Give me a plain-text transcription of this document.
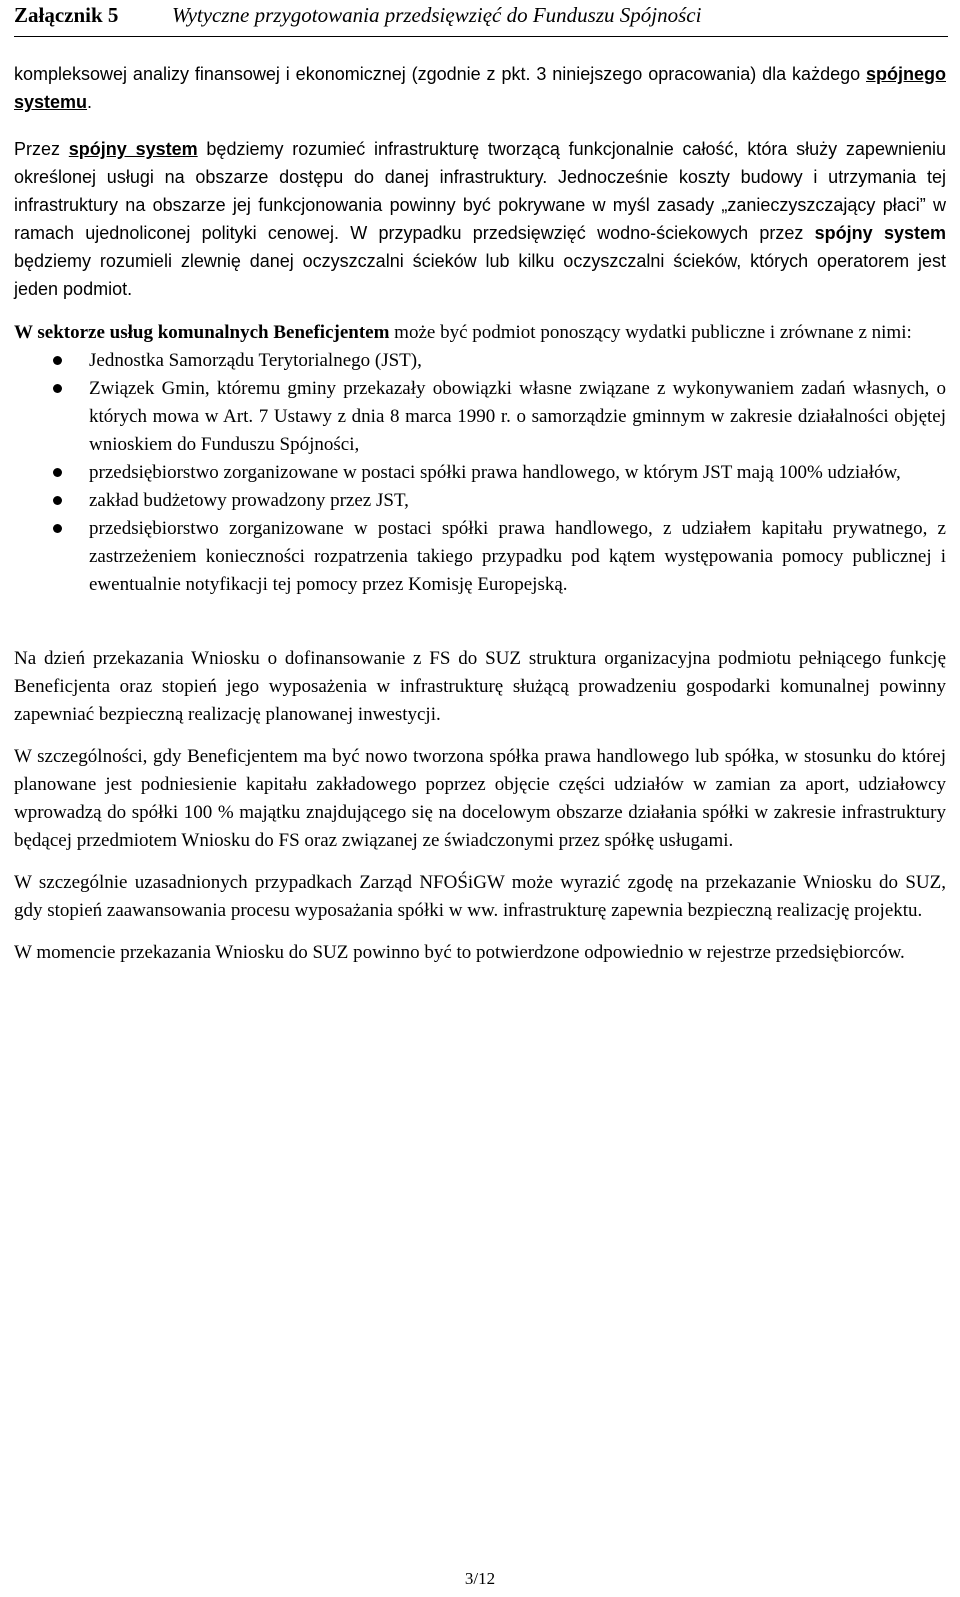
Załącznik 5	Wytyczne przygotowania przedsięwzięć do Funduszu Spójności

kompleksowej analizy finansowej i ekonomicznej (zgodnie z pkt. 3 niniejszego opracowania) dla każdego spójnego systemu.

Przez spójny system będziemy rozumieć infrastrukturę tworzącą funkcjonalnie całość, która służy zapewnieniu określonej usługi na obszarze dostępu do danej infrastruktury. Jednocześnie koszty budowy i utrzymania tej infrastruktury na obszarze jej funkcjonowania powinny być pokrywane w myśl zasady „zanieczyszczający płaci” w ramach ujednoliconej polityki cenowej. W przypadku przedsięwzięć wodno-ściekowych przez spójny system będziemy rozumieli zlewnię danej oczyszczalni ścieków lub kilku oczyszczalni ścieków, których operatorem jest jeden podmiot.

W sektorze usług komunalnych Beneficjentem może być podmiot ponoszący wydatki publiczne i zrównane z nimi:

Jednostka Samorządu Terytorialnego (JST),
Związek Gmin, któremu gminy przekazały obowiązki własne związane z wykonywaniem zadań własnych, o których mowa w Art. 7 Ustawy z dnia 8 marca 1990 r. o samorządzie gminnym w zakresie działalności objętej wnioskiem do Funduszu Spójności,
przedsiębiorstwo zorganizowane w postaci spółki prawa handlowego, w którym JST mają 100% udziałów,
zakład budżetowy prowadzony przez JST,
przedsiębiorstwo zorganizowane w postaci spółki prawa handlowego, z udziałem kapitału prywatnego, z zastrzeżeniem konieczności rozpatrzenia takiego przypadku pod kątem występowania pomocy publicznej i ewentualnie notyfikacji tej pomocy przez Komisję Europejską.

Na dzień przekazania Wniosku o dofinansowanie z FS do SUZ struktura organizacyjna podmiotu pełniącego funkcję Beneficjenta oraz stopień jego wyposażenia w infrastrukturę służącą prowadzeniu gospodarki komunalnej powinny zapewniać bezpieczną realizację planowanej inwestycji.

W szczególności, gdy Beneficjentem ma być nowo tworzona spółka prawa handlowego lub spółka, w stosunku do której planowane jest podniesienie kapitału zakładowego poprzez objęcie części udziałów w zamian za aport, udziałowcy wprowadzą do spółki 100 % majątku znajdującego się na docelowym obszarze działania spółki w zakresie infrastruktury będącej przedmiotem Wniosku do FS oraz związanej ze świadczonymi przez spółkę usługami.

W szczególnie uzasadnionych przypadkach Zarząd NFOŚiGW może wyrazić zgodę na przekazanie Wniosku do SUZ, gdy stopień zaawansowania procesu wyposażania spółki w ww. infrastrukturę zapewnia bezpieczną realizację projektu.

W momencie przekazania Wniosku do SUZ powinno być to potwierdzone odpowiednio w rejestrze przedsiębiorców.

3/12
